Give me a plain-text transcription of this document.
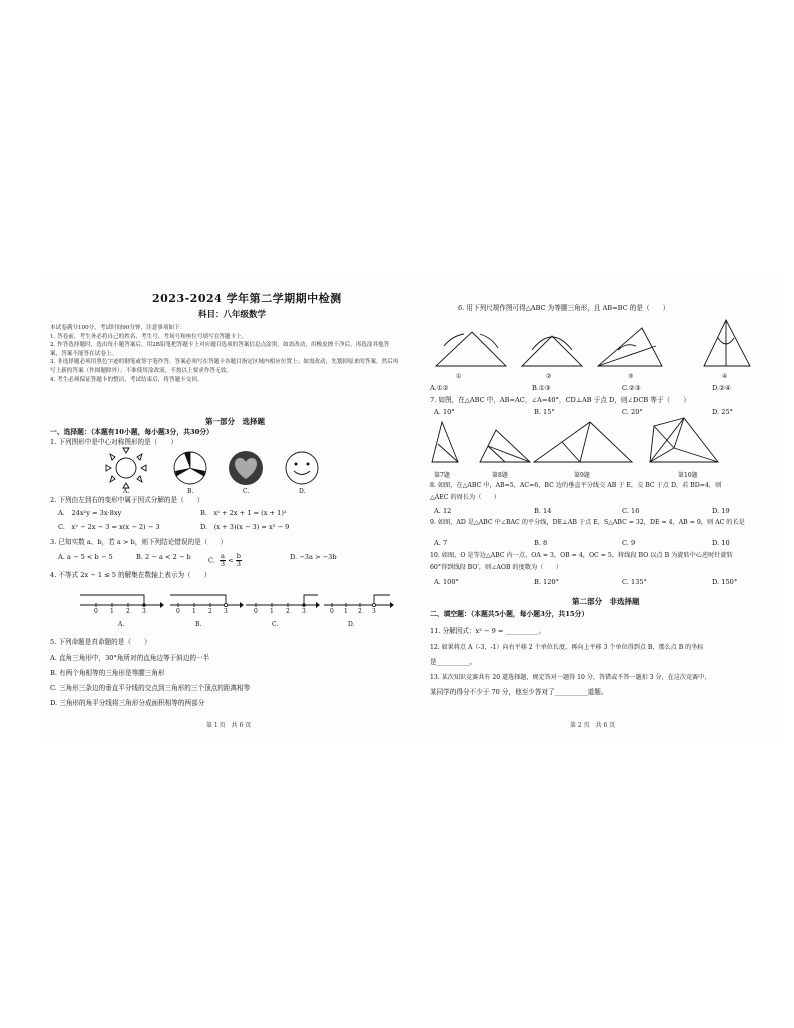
2023-2024 学年第二学期期中检测
科目：八年级数学
本试卷满分100分，考试时间90分钟，注意事项如下：
1. 答卷前，考生务必将自己的姓名、考生号、考场号和座位号填写在答题卡上。
2. 作答选择题时，选出每小题答案后，用2B铅笔把答题卡上对应题目选项的答案信息点涂黑，如需改动，用橡皮擦干净后，再选涂其他答案，答案不能答在试卷上。
3. 非选择题必须用黑色字迹的钢笔或签字笔作答，答案必须写在答题卡各题目指定区域内相应位置上；如需改动，先划掉原来的答案，然后再写上新的答案（作图题除外）；不准使用涂改液。不按以上要求作答无效。
4. 考生必须保证答题卡的整洁，考试结束后，将答题卡交回。
第一部分　选择题
一、选择题：（本题有10小题，每小题3分，共30分）
1. 下列图形中是中心对称图形的是（　　）
A.	B.	C.	D.
2. 下列由左到右的变形中属于因式分解的是（　　）
A.　24x²y = 3x·8xy	B.　x² + 2x + 1 = (x + 1)²
C.　x² − 2x − 3 = x(x − 2) − 3	D.　(x + 3)(x − 3) = x² − 9
3. 已知实数 a、b，若 a > b，则下列结论错误的是（　　）
A. a − 5 < b − 5	B. 2 − a < 2 − b	C. $\frac{a}{3} < \frac{b}{3}$	D. −3a > −3b
4. 不等式 2x − 1 ≤ 5 的解集在数轴上表示为（　　）
0 1 2 3	0 1 2 3	0 1 2 3	0 1 2 3
A.	B.	C.	D.
5. 下列命题是真命题的是（　　）
A. 直角三角形中，30°角所对的直角边等于斜边的一半
B. 有两个角相等的三角形是等腰三角形
C. 三角形三条边的垂直平分线的交点到三角形的三个顶点的距离相等
D. 三角形的角平分线将三角形分成面积相等的两部分
第 1 页　共 6 页
6. 用下列尺规作图可得△ABC 为等腰三角形，且 AB=BC 的是（　　）
①	②	③	④
A.①②	B.①③	C.②③	D.②④
7. 如图，在△ABC 中，AB=AC，∠A=40°，CD⊥AB 于点 D，则∠DCB 等于（　　）
A. 10°	B. 15°	C. 20°	D. 25°
第7题	第8题	第9题	第10题
8. 如图，在△ABC 中，AB=5，AC=6，BC 边的垂直平分线交 AB 于 E，交 BC 于点 D，若 BD=4，则
△AEC 的周长为（　　）
A. 12	B. 14	C. 16	D. 19
9. 如图，AD 是△ABC 中∠BAC 的平分线，DE⊥AB 于点 E，S△ABC = 32，DE = 4，AB = 9，则 AC 的长是
A. 7	B. 8	C. 9	D. 10
10. 如图，O 是等边△ABC 内一点，OA = 3，OB = 4，OC = 5，将线段 BO 以点 B 为旋转中心逆时针旋转
60°得到线段 BO′，则∠AOB 的度数为（　　）
A. 100°	B. 120°	C. 135°	D. 150°
第二部分　非选择题
二、填空题：（本题共5小题，每小题3分，共15分）
11. 分解因式：x² − 9 = __________。
12. 如果将点 A（-3，-1）向右平移 2 个单位长度，再向上平移 3 个单位得到点 B，那么点 B 的坐标
是__________。
13. 某次知识竞赛共有 20 道选择题，规定答对一题得 10 分，答错或不答一题扣 3 分，在这次竞赛中，
某同学的得分不少于 70 分，他至少答对了__________道题。
第 2 页　共 6 页
